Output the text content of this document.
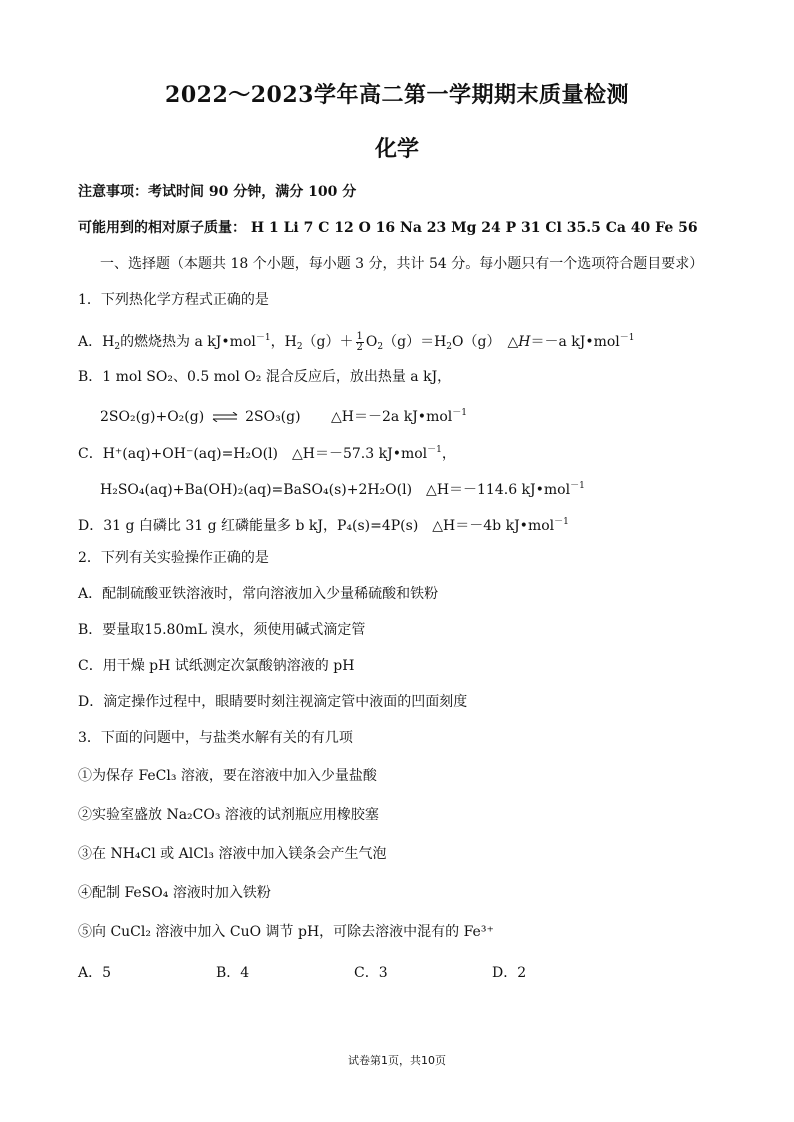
2022～2023学年高二第一学期期末质量检测
化学
注意事项：考试时间 90 分钟，满分 100 分
可能用到的相对原子质量： H 1 Li 7 C 12 O 16 Na 23 Mg 24 P 31 Cl 35.5 Ca 40 Fe 56
一、选择题（本题共 18 个小题，每小题 3 分，共计 54 分。每小题只有一个选项符合题目要求）
1．下列热化学方程式正确的是
A．$H_2$的燃烧热为 a kJ•mol$^{-1}$，$H_2(g)+ \frac{1}{2} O_2(g)=H_2O(g)$　△H＝－a kJ•mol$^{-1}$
B．1 mol SO₂、0.5 mol O₂ 混合反应后，放出热量 a kJ，
2SO₂(g)+O₂(g) ⇌ 2SO₃(g) △H＝－2a kJ•mol$^{-1}$
C．H⁺(aq)+OH⁻(aq)=H₂O(l)　△H＝－57.3 kJ•mol$^{-1}$，
H₂SO₄(aq)+Ba(OH)₂(aq)=BaSO₄(s)+2H₂O(l)　△H＝－114.6 kJ•mol$^{-1}$
D．31 g 白磷比 31 g 红磷能量多 b kJ，P₄(s)=4P(s)　△H＝－4b kJ•mol$^{-1}$
2．下列有关实验操作正确的是
A．配制硫酸亚铁溶液时，常向溶液加入少量稀硫酸和铁粉
B．要量取15.80mL 溴水，须使用碱式滴定管
C．用干燥 pH 试纸测定次氯酸钠溶液的 pH
D．滴定操作过程中，眼睛要时刻注视滴定管中液面的凹面刻度
3．下面的问题中，与盐类水解有关的有几项
①为保存 FeCl₃ 溶液，要在溶液中加入少量盐酸
②实验室盛放 Na₂CO₃ 溶液的试剂瓶应用橡胶塞
③在 NH₄Cl 或 AlCl₃ 溶液中加入镁条会产生气泡
④配制 FeSO₄ 溶液时加入铁粉
⑤向 CuCl₂ 溶液中加入 CuO 调节 pH，可除去溶液中混有的 Fe³⁺
A．5	B．4	C．3	D．2
试卷第1页，共10页
